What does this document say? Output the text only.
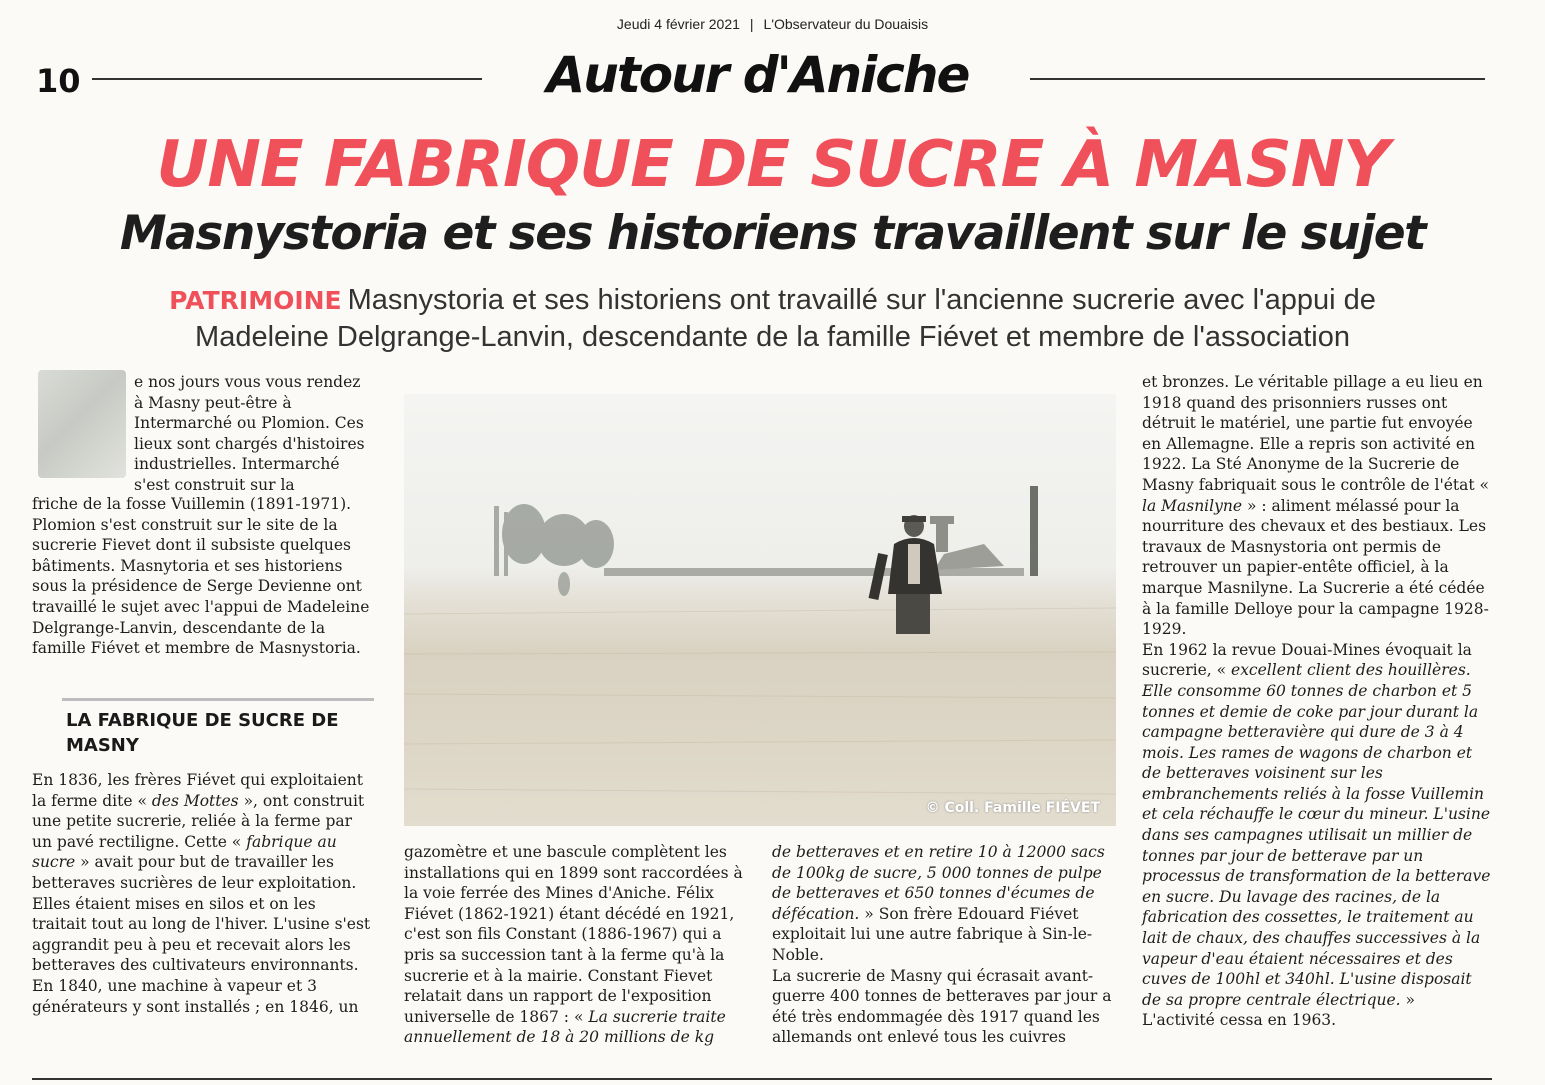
Jeudi 4 février 2021 | L'Observateur du Douaisis
10	Autour d'Aniche
UNE FABRIQUE DE SUCRE À MASNY
Masnystoria et ses historiens travaillent sur le sujet
PATRIMOINE Masnystoria et ses historiens ont travaillé sur l'ancienne sucrerie avec l'appui de
Madeleine Delgrange-Lanvin, descendante de la famille Fiévet et membre de l'association

e nos jours vous vous rendez à Masny peut-être à Intermarché ou Plomion. Ces lieux sont chargés d'histoires industrielles. Intermarché s'est construit sur la

friche de la fosse Vuillemin (1891-1971). Plomion s'est construit sur le site de la sucrerie Fievet dont il subsiste quelques bâtiments. Masnytoria et ses historiens sous la présidence de Serge Devienne ont travaillé le sujet avec l'appui de Madeleine Delgrange-Lanvin, descendante de la famille Fiévet et membre de Masnystoria.

LA FABRIQUE DE SUCRE DE MASNY

En 1836, les frères Fiévet qui exploitaient la ferme dite « des Mottes », ont construit une petite sucrerie, reliée à la ferme par un pavé rectiligne. Cette « fabrique au sucre » avait pour but de travailler les betteraves sucrières de leur exploitation. Elles étaient mises en silos et on les traitait tout au long de l'hiver. L'usine s'est aggrandit peu à peu et recevait alors les betteraves des cultivateurs environnants.

En 1840, une machine à vapeur et 3 générateurs y sont installés ; en 1846, un

© Coll. Famille FIÉVET

gazomètre et une bascule complètent les installations qui en 1899 sont raccordées à la voie ferrée des Mines d'Aniche. Félix Fiévet (1862-1921) étant décédé en 1921, c'est son fils Constant (1886-1967) qui a pris sa succession tant à la ferme qu'à la sucrerie et à la mairie. Constant Fievet relatait dans un rapport de l'exposition universelle de 1867 : « La sucrerie traite annuellement de 18 à 20 millions de kg

de betteraves et en retire 10 à 12000 sacs de 100kg de sucre, 5 000 tonnes de pulpe de betteraves et 650 tonnes d'écumes de défécation. » Son frère Edouard Fiévet exploitait lui une autre fabrique à Sin-le-Noble.

La sucrerie de Masny qui écrasait avant-guerre 400 tonnes de betteraves par jour a été très endommagée dès 1917 quand les allemands ont enlevé tous les cuivres

et bronzes. Le véritable pillage a eu lieu en 1918 quand des prisonniers russes ont détruit le matériel, une partie fut envoyée en Allemagne. Elle a repris son activité en 1922. La Sté Anonyme de la Sucrerie de Masny fabriquait sous le contrôle de l'état « la Masnilyne » : aliment mélassé pour la nourriture des chevaux et des bestiaux. Les travaux de Masnystoria ont permis de retrouver un papier-entête officiel, à la marque Masnilyne. La Sucrerie a été cédée à la famille Delloye pour la campagne 1928-1929.

En 1962 la revue Douai-Mines évoquait la sucrerie, « excellent client des houillères. Elle consomme 60 tonnes de charbon et 5 tonnes et demie de coke par jour durant la campagne betteravière qui dure de 3 à 4 mois. Les rames de wagons de charbon et de betteraves voisinent sur les embranchements reliés à la fosse Vuillemin et cela réchauffe le cœur du mineur. L'usine dans ses campagnes utilisait un millier de tonnes par jour de betterave par un processus de transformation de la betterave en sucre. Du lavage des racines, de la fabrication des cossettes, le traitement au lait de chaux, des chauffes successives à la vapeur d'eau étaient nécessaires et des cuves de 100hl et 340hl. L'usine disposait de sa propre centrale électrique. » L'activité cessa en 1963.
